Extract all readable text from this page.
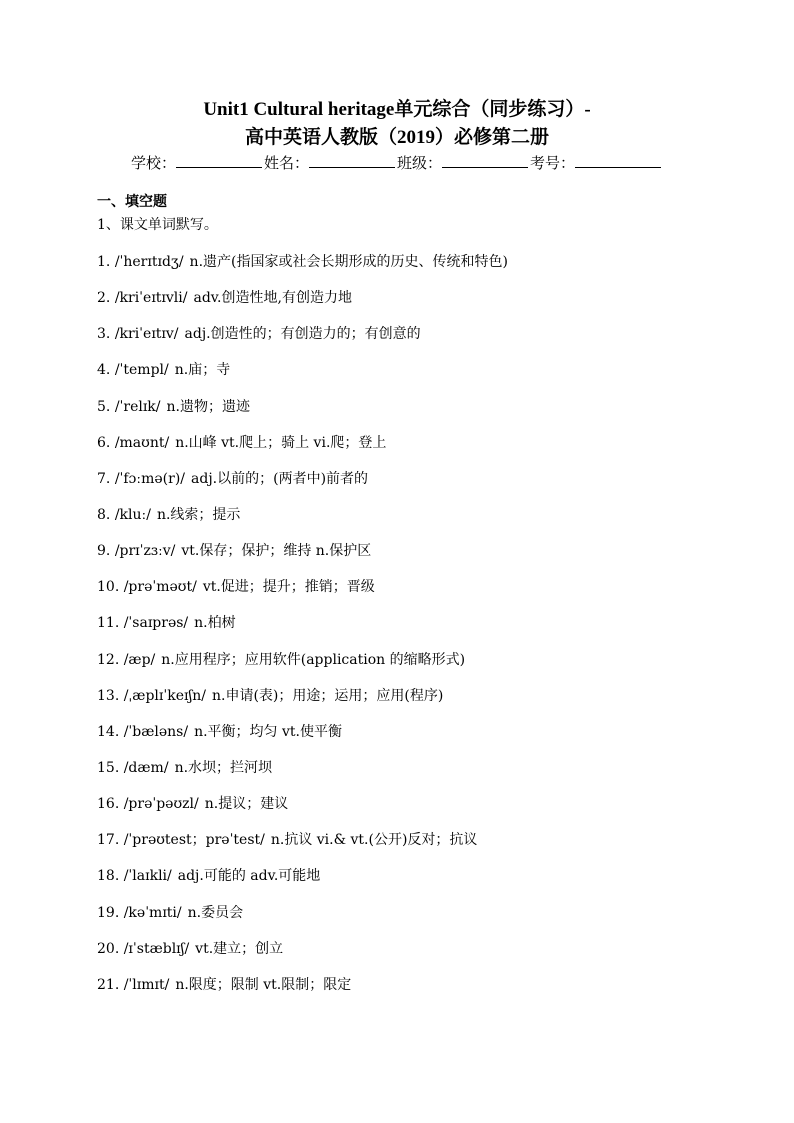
Unit1 Cultural heritage单元综合（同步练习）-
高中英语人教版（2019）必修第二册
学校：	姓名：	班级：	考号：
一、填空题
1、课文单词默写。
1. /ˈherɪtɪdʒ/ n.遗产(指国家或社会长期形成的历史、传统和特色)
2. /kriˈeɪtɪvli/ adv.创造性地,有创造力地
3. /kriˈeɪtɪv/ adj.创造性的；有创造力的；有创意的
4. /ˈtempl/ n.庙；寺
5. /ˈrelɪk/ n.遗物；遗迹
6. /maʊnt/ n.山峰 vt.爬上；骑上 vi.爬；登上
7. /ˈfɔːmə(r)/ adj.以前的；(两者中)前者的
8. /kluː/ n.线索；提示
9. /prɪˈzɜːv/ vt.保存；保护；维持 n.保护区
10. /prəˈməʊt/ vt.促进；提升；推销；晋级
11. /ˈsaɪprəs/ n.柏树
12. /æp/ n.应用程序；应用软件(application 的缩略形式)
13. /ˌæplɪˈkeɪʃn/ n.申请(表)；用途；运用；应用(程序)
14. /ˈbæləns/ n.平衡；均匀 vt.使平衡
15. /dæm/ n.水坝；拦河坝
16. /prəˈpəʊzl/ n.提议；建议
17. /ˈprəʊtest；prəˈtest/ n.抗议 vi.& vt.(公开)反对；抗议
18. /ˈlaɪkli/ adj.可能的 adv.可能地
19. /kəˈmɪti/ n.委员会
20. /ɪˈstæblɪʃ/ vt.建立；创立
21. /ˈlɪmɪt/ n.限度；限制 vt.限制；限定
